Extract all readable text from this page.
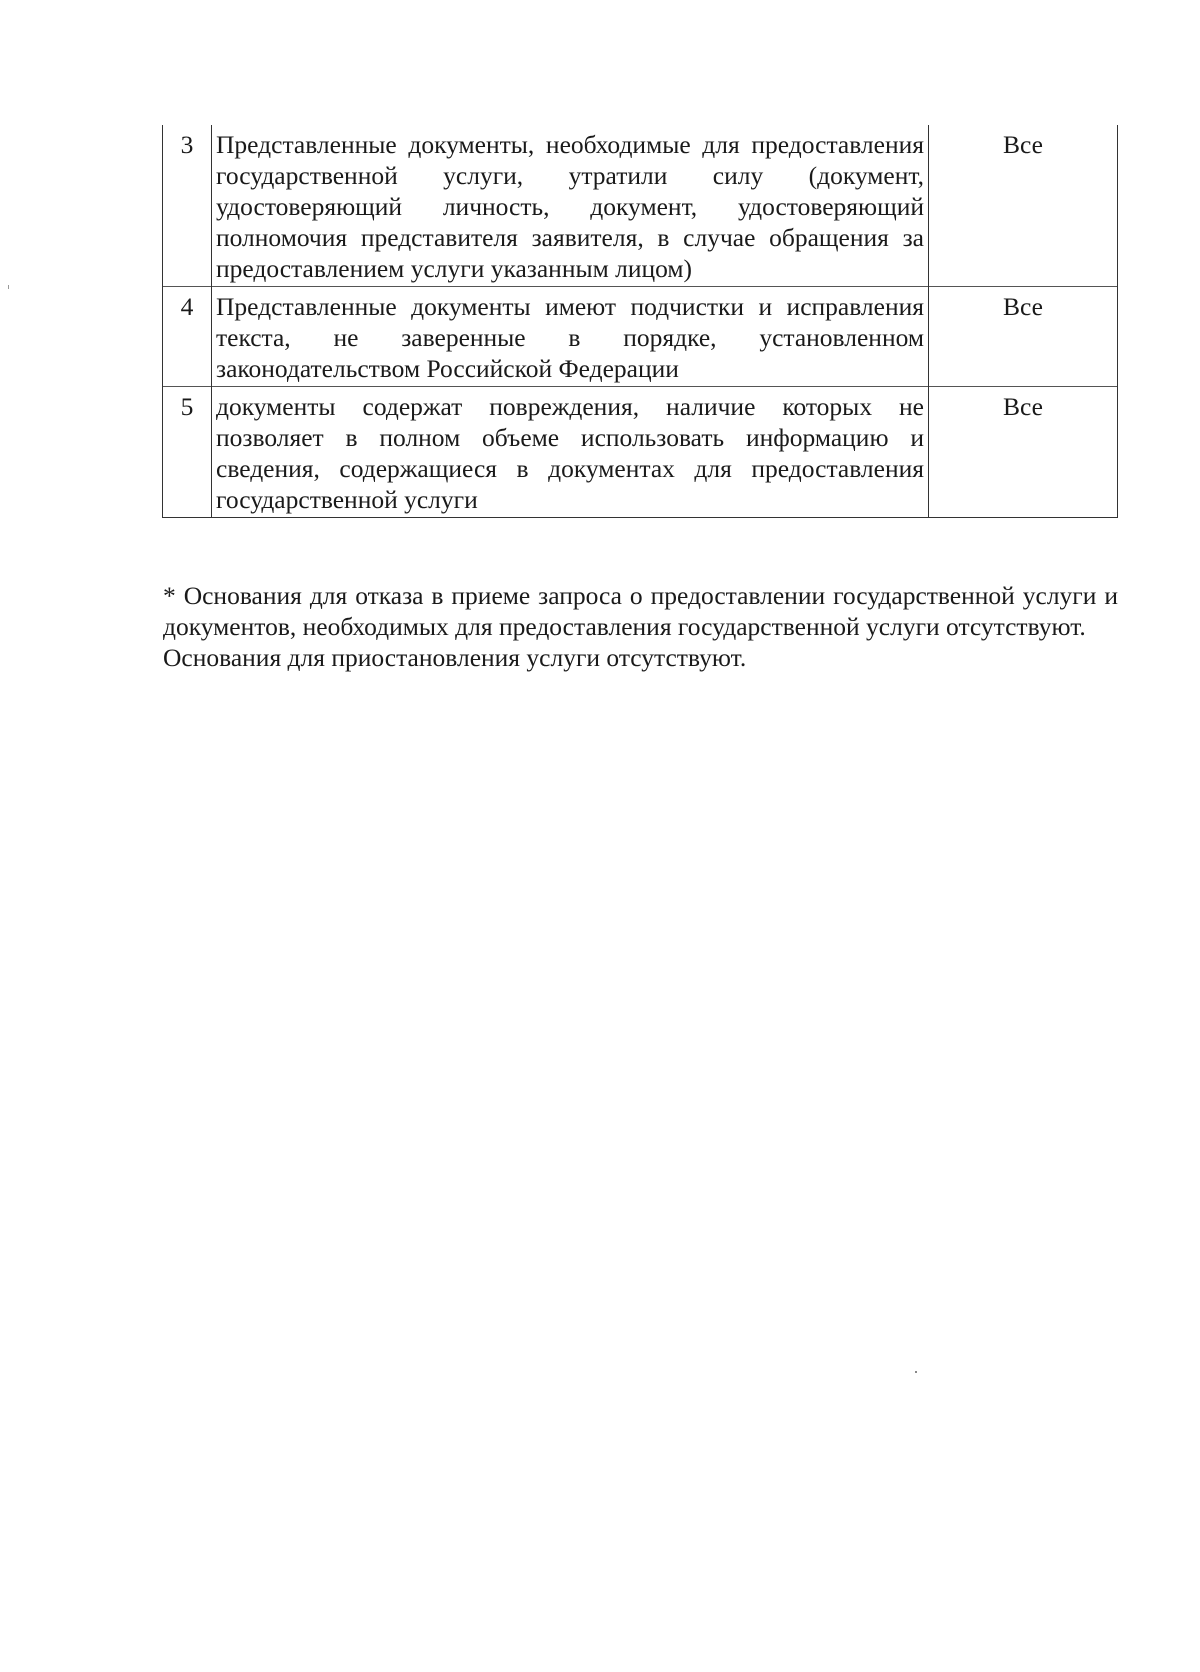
3	Представленные документы, необходимые для предоставления государственной услуги, утратили силу (документ, удостоверяющий личность, документ, удостоверяющий полномочия представителя заявителя, в случае обращения за предоставлением услуги указанным лицом)	Все
4	Представленные документы имеют подчистки и исправления текста, не заверенные в порядке, установленном законодательством Российской Федерации	Все
5	документы содержат повреждения, наличие которых не позволяет в полном объеме использовать информацию и сведения, содержащиеся в документах для предоставления государственной услуги	Все

* Основания для отказа в приеме запроса о предоставлении государственной услуги и документов, необходимых для предоставления государственной услуги отсутствуют.

Основания для приостановления услуги отсутствуют.
